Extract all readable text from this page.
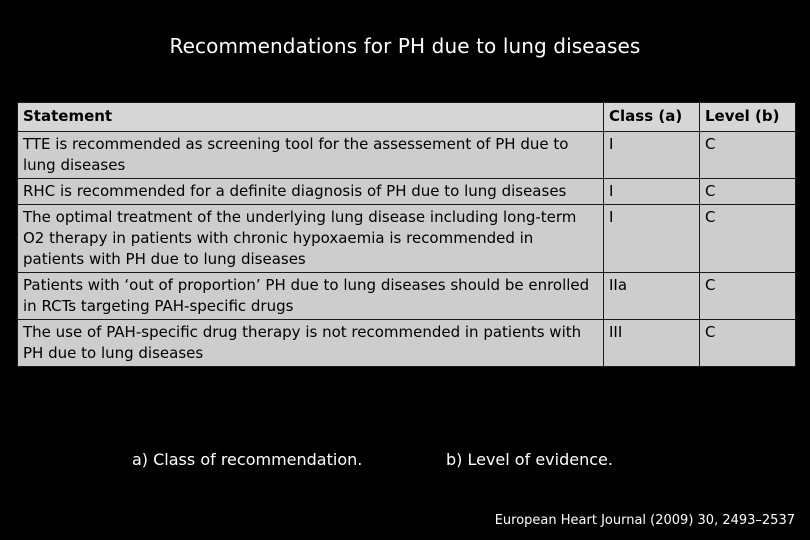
Recommendations for PH due to lung diseases
Statement	Class (a)	Level (b)
TTE is recommended as screening tool for the assessement of PH due to lung diseases	I	C
RHC is recommended for a definite diagnosis of PH due to lung diseases	I	C
The optimal treatment of the underlying lung disease including long-term O2 therapy in patients with chronic hypoxaemia is recommended in patients with PH due to lung diseases	I	C
Patients with ‘out of proportion’ PH due to lung diseases should be enrolled in RCTs targeting PAH-specific drugs	IIa	C
The use of PAH-specific drug therapy is not recommended in patients with PH due to lung diseases	III	C
a) Class of recommendation.	b) Level of evidence.
European Heart Journal (2009) 30, 2493–2537
